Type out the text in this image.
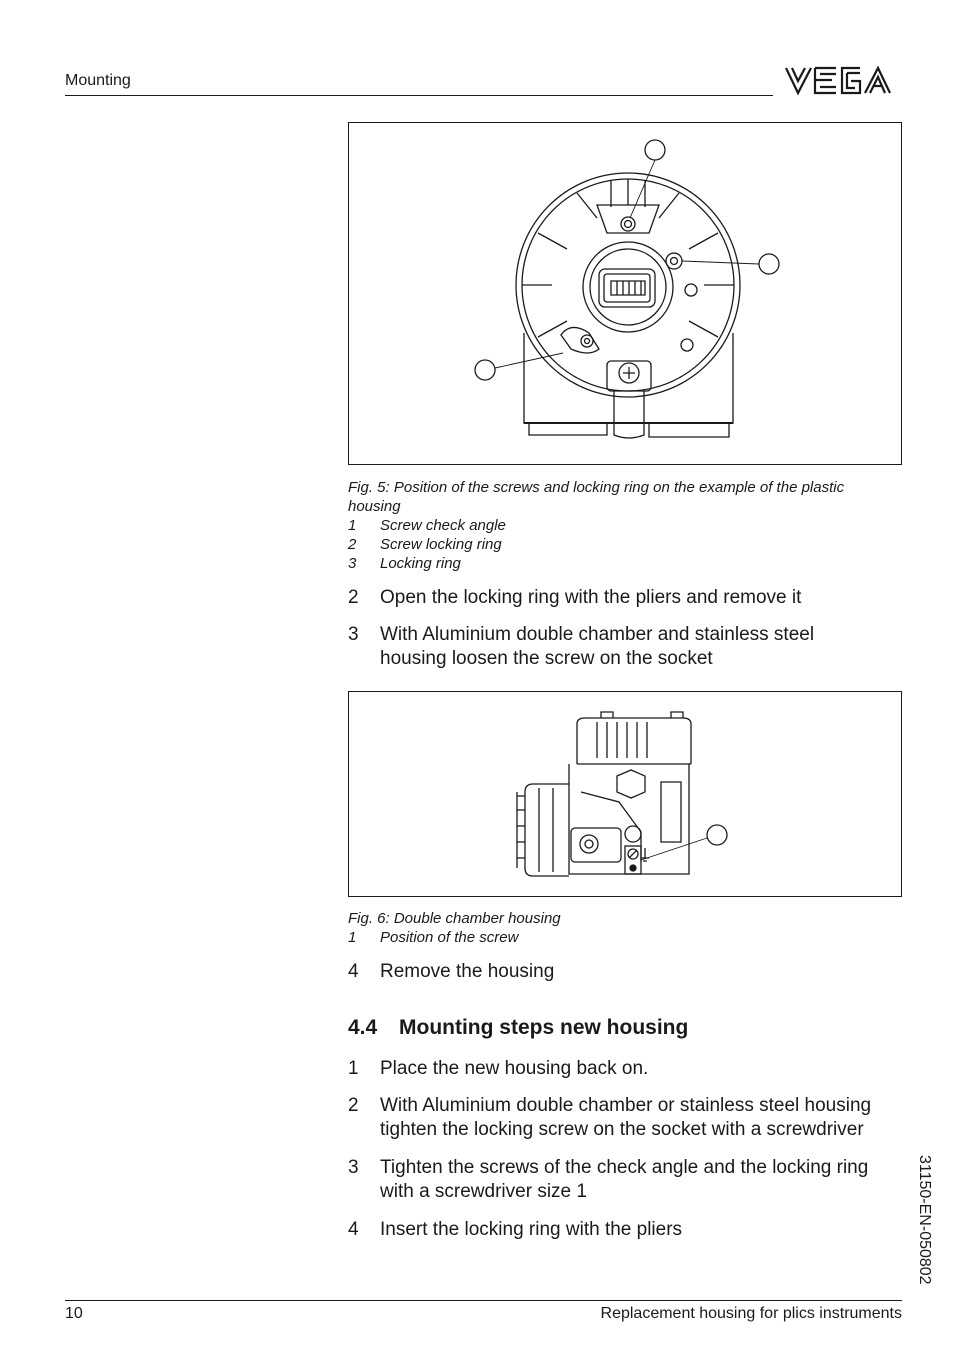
Mounting
Fig. 5: Position of the screws and locking ring on the example of the plastic
housing
1 Screw check angle
2 Screw locking ring
3 Locking ring
2 Open the locking ring with the pliers and remove it
3 With Aluminium double chamber and stainless steel housing loosen the screw on the socket
Fig. 6: Double chamber housing
1 Position of the screw
4 Remove the housing
4.4 Mounting steps new housing
1 Place the new housing back on.
2 With Aluminium double chamber or stainless steel housing tighten the locking screw on the socket with a screwdriver
3 Tighten the screws of the check angle and the locking ring with a screwdriver size 1
4 Insert the locking ring with the pliers	31150-EN-050802
10	Replacement housing for plics instruments
